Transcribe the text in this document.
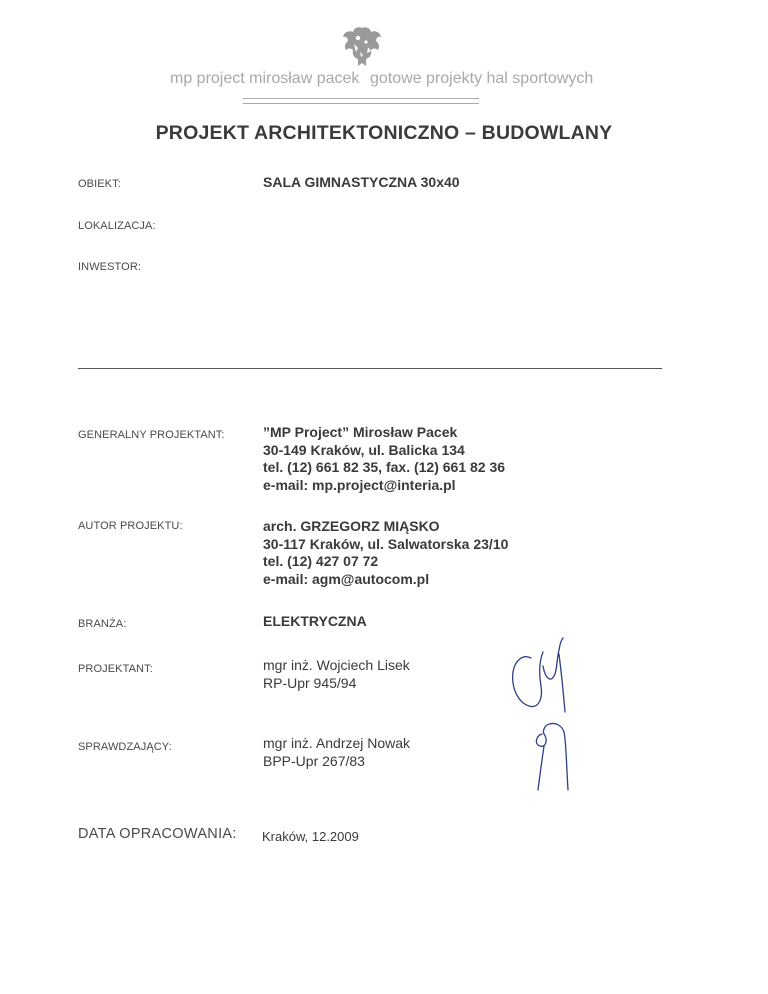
mp project mirosław pacek gotowe projekty hal sportowych
PROJEKT ARCHITEKTONICZNO – BUDOWLANY
OBIEKT:	SALA GIMNASTYCZNA 30x40
LOKALIZACJA:
INWESTOR:
GENERALNY PROJEKTANT:	”MP Project” Mirosław Pacek
30-149 Kraków, ul. Balicka 134
tel. (12) 661 82 35, fax. (12) 661 82 36
e-mail: mp.project@interia.pl
AUTOR PROJEKTU:	arch. GRZEGORZ MIĄSKO
30-117 Kraków, ul. Salwatorska 23/10
tel. (12) 427 07 72
e-mail: agm@autocom.pl
BRANŻA:	ELEKTRYCZNA
PROJEKTANT:	mgr inż. Wojciech Lisek
RP-Upr 945/94
SPRAWDZAJĄCY:	mgr inż. Andrzej Nowak
BPP-Upr 267/83
DATA OPRACOWANIA: Kraków, 12.2009
